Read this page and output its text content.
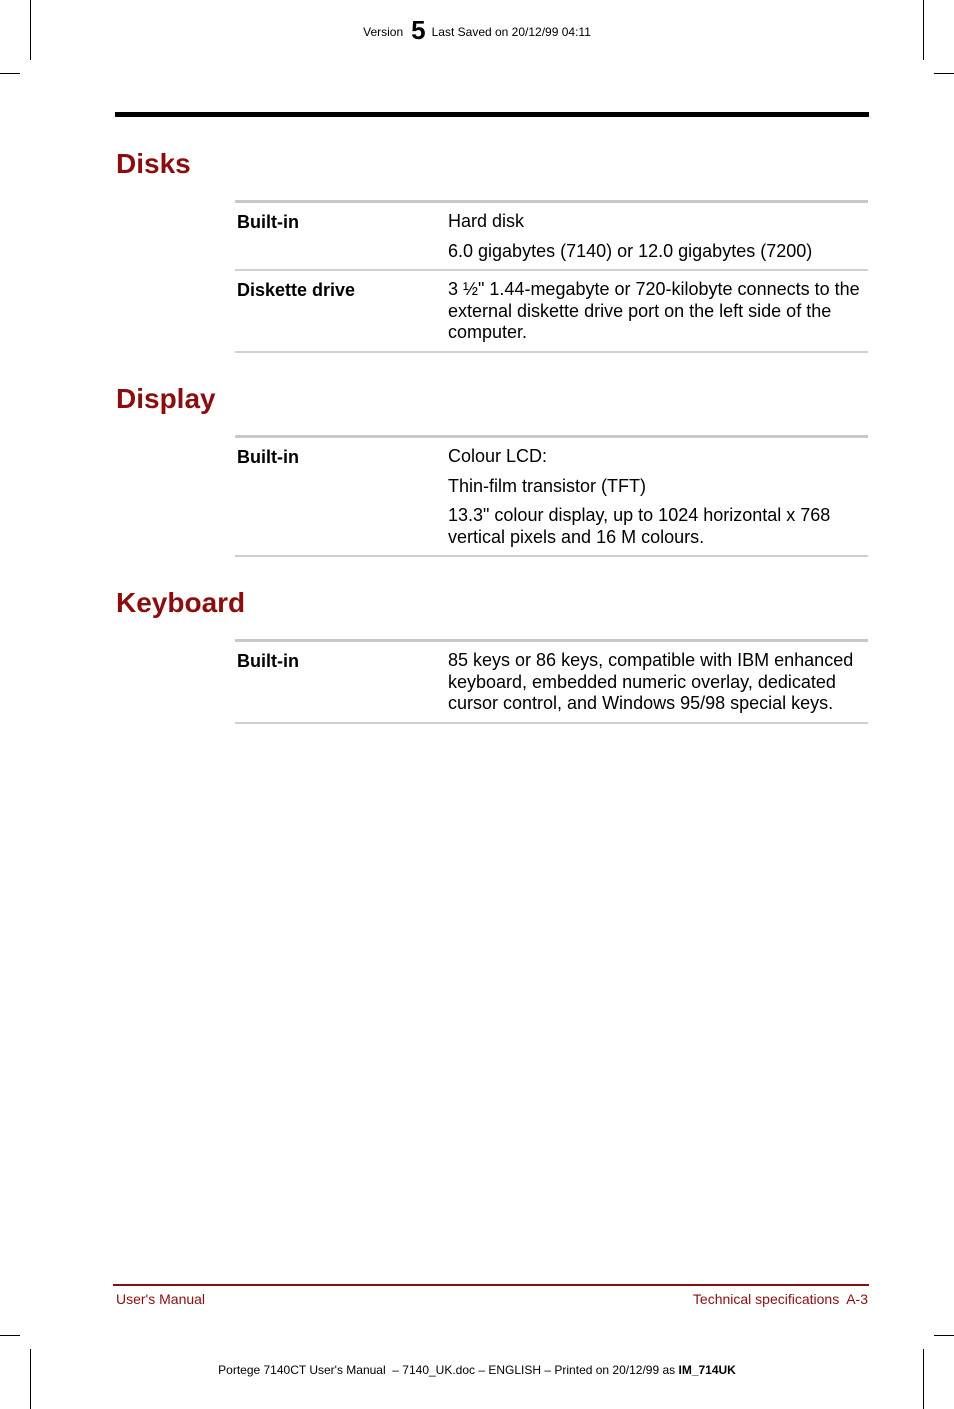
Version 5 Last Saved on 20/12/99 04:11
Disks
Built-in	Hard disk

6.0 gigabytes (7140) or 12.0 gigabytes (7200)

Diskette drive	3 ½" 1.44-megabyte or 720-kilobyte connects to the external diskette drive port on the left side of the computer.

Display
Built-in	Colour LCD:

Thin-film transistor (TFT)

13.3" colour display, up to 1024 horizontal x 768 vertical pixels and 16 M colours.

Keyboard
Built-in	85 keys or 86 keys, compatible with IBM enhanced keyboard, embedded numeric overlay, dedicated cursor control, and Windows 95/98 special keys.

User's Manual	Technical specifications  A-3
Portege 7140CT User's Manual  – 7140_UK.doc – ENGLISH – Printed on 20/12/99 as IM_714UK
